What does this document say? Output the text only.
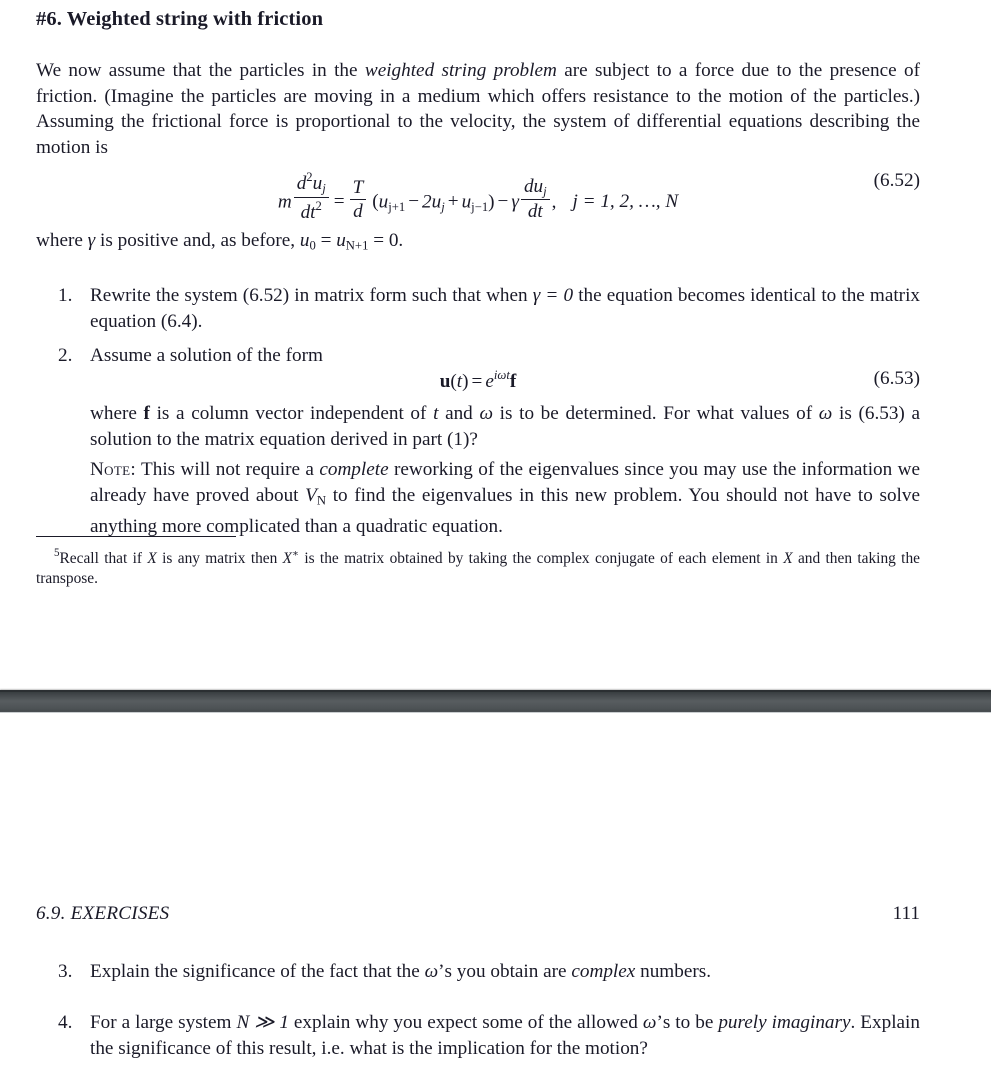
#6. Weighted string with friction

We now assume that the particles in the weighted string problem are subject to a force due to the presence of friction. (Imagine the particles are moving in a medium which offers resistance to the motion of the particles.) Assuming the frictional force is proportional to the velocity, the system of differential equations describing the motion is

m $\frac{d^2u_j}{dt^2} = \frac{T}{d} (u_{j+1} - 2u_j + u_{j-1}) - \gamma \frac{du_j}{dt}$ , j = 1, 2, …, N
(6.52)

where γ is positive and, as before, $u_0 = u_{N+1} = 0$.

1. Rewrite the system (6.52) in matrix form such that when γ = 0 the equation becomes identical to the matrix equation (6.4).
2. Assume a solution of the form
$u(t) = e^{i\omega t}f$	(6.53)

where f is a column vector independent of t and ω is to be determined. For what values of ω is (6.53) a solution to the matrix equation derived in part (1)?

Note: This will not require a complete reworking of the eigenvalues since you may use the information we already have proved about $V_N$ to find the eigenvalues in this new problem. You should not have to solve anything more complicated than a quadratic equation.

$^5$Recall that if X is any matrix then X∗ is the matrix obtained by taking the complex conjugate of each element in X and then taking the transpose.

6.9. EXERCISES	111
3. Explain the significance of the fact that the ω’s you obtain are complex numbers.
4. For a large system N ≫ 1 explain why you expect some of the allowed ω’s to be purely imaginary. Explain the significance of this result, i.e. what is the implication for the motion?
